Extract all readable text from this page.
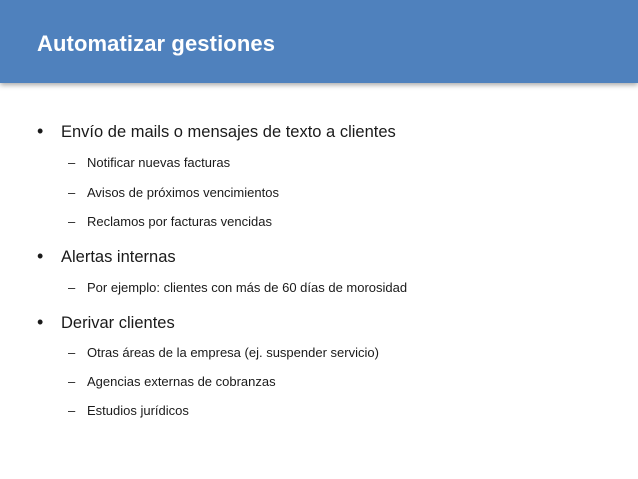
Automatizar gestiones
• Envío de mails o mensajes de texto a clientes
– Notificar nuevas facturas
– Avisos de próximos vencimientos
– Reclamos por facturas vencidas
• Alertas internas
– Por ejemplo: clientes con más de 60 días de morosidad
• Derivar clientes
– Otras áreas de la empresa (ej. suspender servicio)
– Agencias externas de cobranzas
– Estudios jurídicos
